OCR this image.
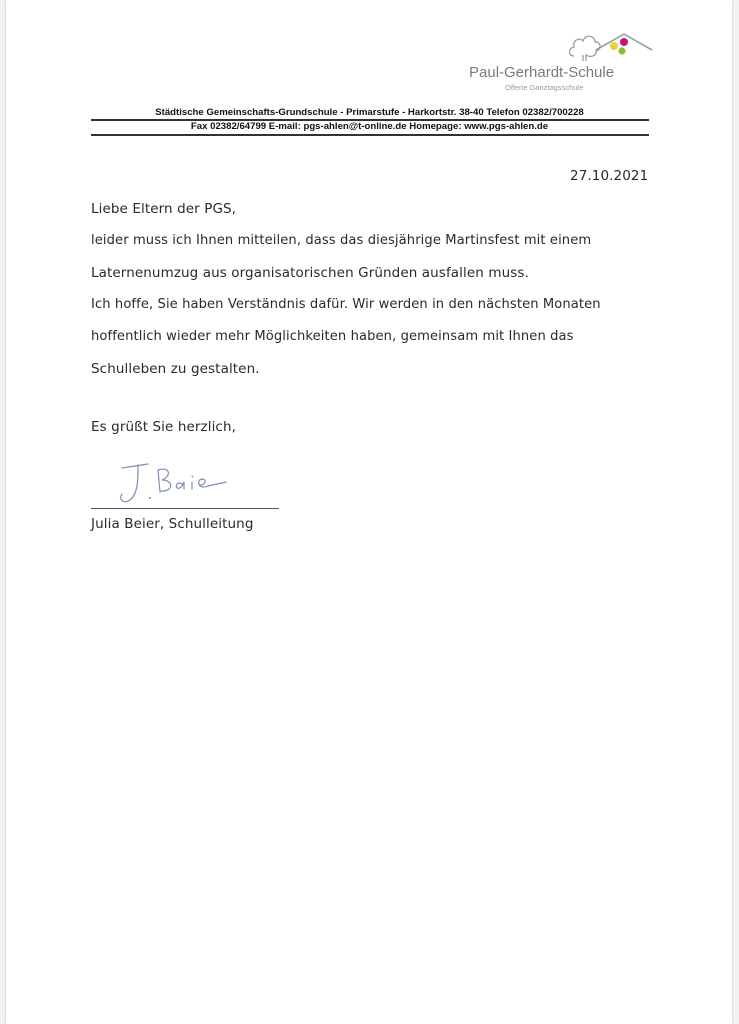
Paul-Gerhardt-Schule
Offene Ganztagsschule
Städtische Gemeinschafts-Grundschule - Primarstufe - Harkortstr. 38-40 Telefon 02382/700228
Fax 02382/64799 E-mail: pgs-ahlen@t-online.de Homepage: www.pgs-ahlen.de
27.10.2021
Liebe Eltern der PGS,
leider muss ich Ihnen mitteilen, dass das diesjährige Martinsfest mit einem
Laternenumzug aus organisatorischen Gründen ausfallen muss.
Ich hoffe, Sie haben Verständnis dafür. Wir werden in den nächsten Monaten
hoffentlich wieder mehr Möglichkeiten haben, gemeinsam mit Ihnen das
Schulleben zu gestalten.
Es grüßt Sie herzlich,
Julia Beier, Schulleitung
